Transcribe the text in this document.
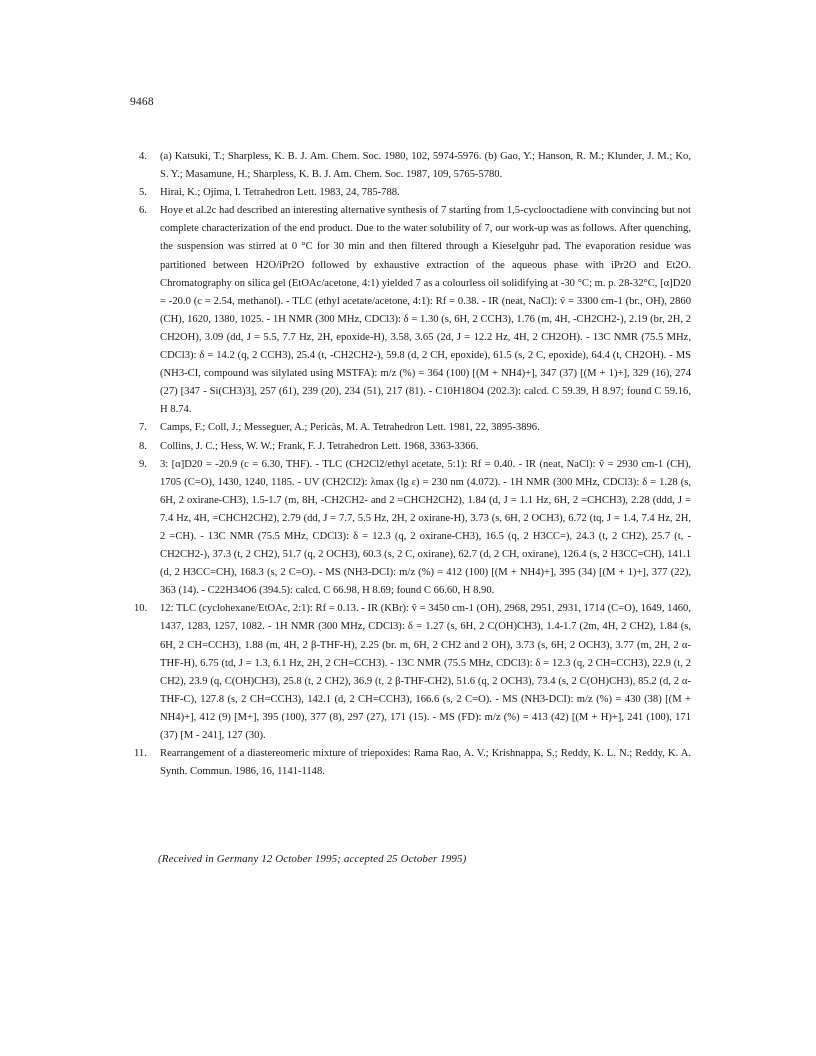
9468
4. (a) Katsuki, T.; Sharpless, K. B. J. Am. Chem. Soc. 1980, 102, 5974-5976. (b) Gao, Y.; Hanson, R. M.; Klunder, J. M.; Ko, S. Y.; Masamune, H.; Sharpless, K. B. J. Am. Chem. Soc. 1987, 109, 5765-5780.
5. Hirai, K.; Ojima, I. Tetrahedron Lett. 1983, 24, 785-788.
6. Hoye et al.2c had described an interesting alternative synthesis of 7 starting from 1,5-cyclooctadiene with convincing but not complete characterization of the end product. Due to the water solubility of 7, our work-up was as follows. After quenching, the suspension was stirred at 0 °C for 30 min and then filtered through a Kieselguhr pad. The evaporation residue was partitioned between H2O/iPr2O followed by exhaustive extraction of the aqueous phase with iPr2O and Et2O. Chromatography on silica gel (EtOAc/acetone, 4:1) yielded 7 as a colourless oil solidifying at -30 °C; m. p. 28-32°C, [α]D20 = -20.0 (c = 2.54, methanol). - TLC (ethyl acetate/acetone, 4:1): Rf = 0.38. - IR (neat, NaCl): ṽ = 3300 cm-1 (br., OH), 2860 (CH), 1620, 1380, 1025. - 1H NMR (300 MHz, CDCl3): δ = 1.30 (s, 6H, 2 CCH3), 1.76 (m, 4H, -CH2CH2-), 2.19 (br, 2H, 2 CH2OH), 3.09 (dd, J = 5.5, 7.7 Hz, 2H, epoxide-H), 3.58, 3.65 (2d, J = 12.2 Hz, 4H, 2 CH2OH). - 13C NMR (75.5 MHz, CDCl3): δ = 14.2 (q, 2 CCH3), 25.4 (t, -CH2CH2-), 59.8 (d, 2 CH, epoxide), 61.5 (s, 2 C, epoxide), 64.4 (t, CH2OH). - MS (NH3-CI, compound was silylated using MSTFA): m/z (%) = 364 (100) [(M + NH4)+], 347 (37) [(M + 1)+], 329 (16), 274 (27) [347 - Si(CH3)3], 257 (61), 239 (20), 234 (51), 217 (81). - C10H18O4 (202.3): calcd. C 59.39, H 8.97; found C 59.16, H 8.74.
7. Camps, F.; Coll, J.; Messeguer, A.; Pericàs, M. A. Tetrahedron Lett. 1981, 22, 3895-3896.
8. Collins, J. C.; Hess, W. W.; Frank, F. J. Tetrahedron Lett. 1968, 3363-3366.
9. 3: [α]D20 = -20.9 (c = 6.30, THF). - TLC (CH2Cl2/ethyl acetate, 5:1): Rf = 0.40. - IR (neat, NaCl): ṽ = 2930 cm-1 (CH), 1705 (C=O), 1430, 1240, 1185. - UV (CH2Cl2): λmax (lg ε) = 230 nm (4.072). - 1H NMR (300 MHz, CDCl3): δ = 1.28 (s, 6H, 2 oxirane-CH3), 1.5-1.7 (m, 8H, -CH2CH2- and 2 =CHCH2CH2), 1.84 (d, J = 1.1 Hz, 6H, 2 =CHCH3), 2.28 (ddd, J = 7.4 Hz, 4H, =CHCH2CH2), 2.79 (dd, J = 7.7, 5.5 Hz, 2H, 2 oxirane-H), 3.73 (s, 6H, 2 OCH3), 6.72 (tq, J = 1.4, 7.4 Hz, 2H, 2 =CH). - 13C NMR (75.5 MHz, CDCl3): δ = 12.3 (q, 2 oxirane-CH3), 16.5 (q, 2 H3CC=), 24.3 (t, 2 CH2), 25.7 (t, -CH2CH2-), 37.3 (t, 2 CH2), 51.7 (q, 2 OCH3), 60.3 (s, 2 C, oxirane), 62.7 (d, 2 CH, oxirane), 126.4 (s, 2 H3CC=CH), 141.1 (d, 2 H3CC=CH), 168.3 (s, 2 C=O). - MS (NH3-DCI): m/z (%) = 412 (100) [(M + NH4)+], 395 (34) [(M + 1)+], 377 (22), 363 (14). - C22H34O6 (394.5): calcd. C 66.98, H 8.69; found C 66.60, H 8.90.
10. 12: TLC (cyclohexane/EtOAc, 2:1): Rf = 0.13. - IR (KBr): ṽ = 3450 cm-1 (OH), 2968, 2951, 2931, 1714 (C=O), 1649, 1460, 1437, 1283, 1257, 1082. - 1H NMR (300 MHz, CDCl3): δ = 1.27 (s, 6H, 2 C(OH)CH3), 1.4-1.7 (2m, 4H, 2 CH2), 1.84 (s, 6H, 2 CH=CCH3), 1.88 (m, 4H, 2 β-THF-H), 2.25 (br. m, 6H, 2 CH2 and 2 OH), 3.73 (s, 6H, 2 OCH3), 3.77 (m, 2H, 2 α-THF-H), 6.75 (td, J = 1.3, 6.1 Hz, 2H, 2 CH=CCH3). - 13C NMR (75.5 MHz, CDCl3): δ = 12.3 (q, 2 CH=CCH3), 22.9 (t, 2 CH2), 23.9 (q, C(OH)CH3), 25.8 (t, 2 CH2), 36.9 (t, 2 β-THF-CH2), 51.6 (q, 2 OCH3), 73.4 (s, 2 C(OH)CH3), 85.2 (d, 2 α-THF-C), 127.8 (s, 2 CH=CCH3), 142.1 (d, 2 CH=CCH3), 166.6 (s, 2 C=O). - MS (NH3-DCI): m/z (%) = 430 (38) [(M + NH4)+], 412 (9) [M+], 395 (100), 377 (8), 297 (27), 171 (15). - MS (FD): m/z (%) = 413 (42) [(M + H)+], 241 (100), 171 (37) [M - 241], 127 (30).
11. Rearrangement of a diastereomeric mixture of triepoxides: Rama Rao, A. V.; Krishnappa, S.; Reddy, K. L. N.; Reddy, K. A. Synth. Commun. 1986, 16, 1141-1148.
(Received in Germany 12 October 1995; accepted 25 October 1995)
